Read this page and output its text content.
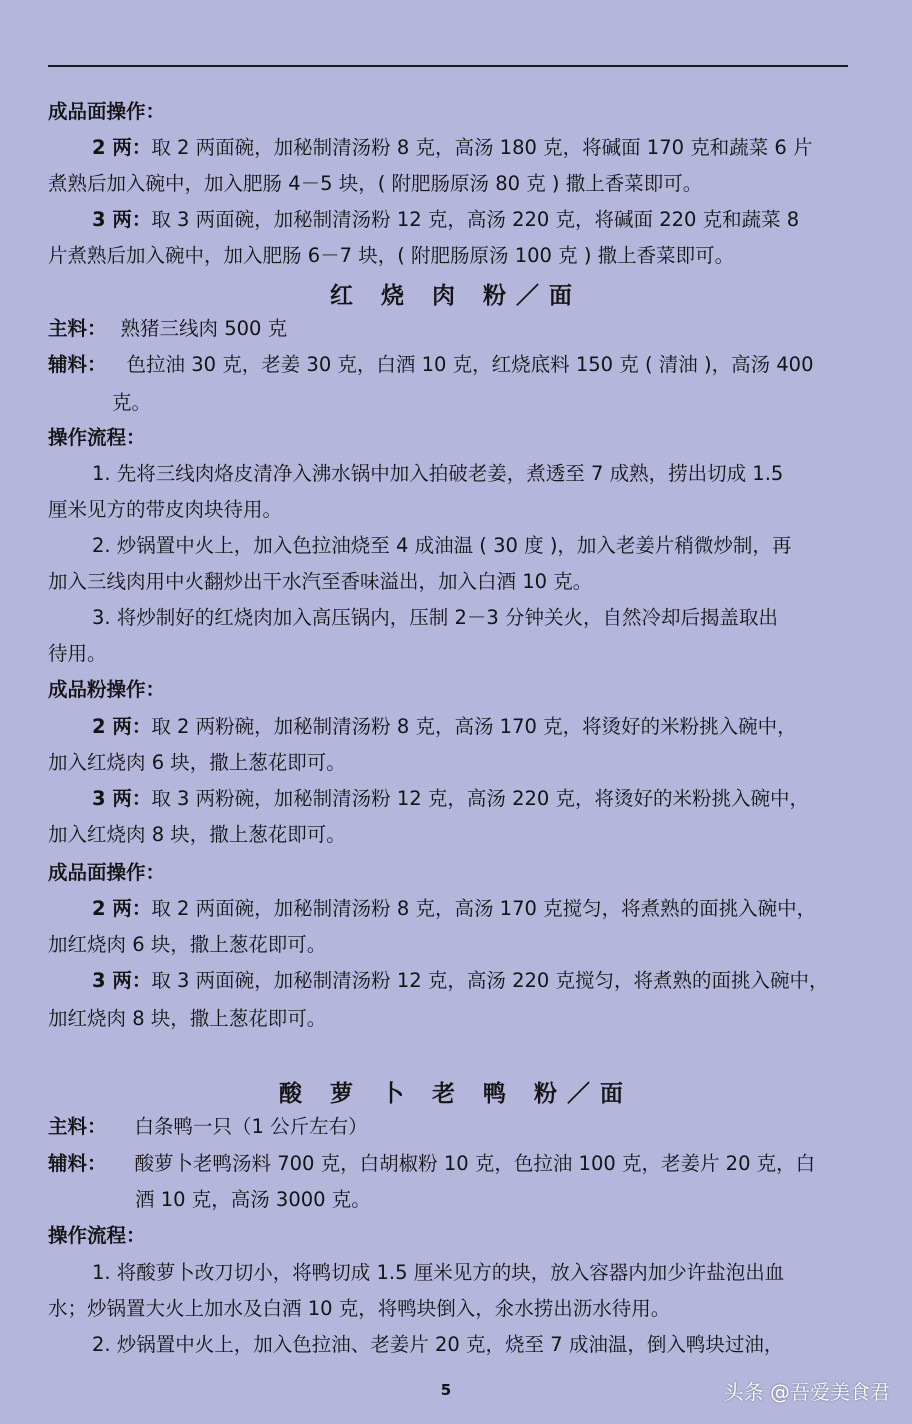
成品面操作：
2 两：取 2 两面碗，加秘制清汤粉 8 克，高汤 180 克，将碱面 170 克和蔬菜 6 片
煮熟后加入碗中，加入肥肠 4－5 块，( 附肥肠原汤 80 克 ) 撒上香菜即可。
3 两：取 3 两面碗，加秘制清汤粉 12 克，高汤 220 克，将碱面 220 克和蔬菜 8
片煮熟后加入碗中，加入肥肠 6－7 块，( 附肥肠原汤 100 克 ) 撒上香菜即可。
红 烧 肉 粉／面
主料： 熟猪三线肉 500 克
辅料： 色拉油 30 克，老姜 30 克，白酒 10 克，红烧底料 150 克 ( 清油 )，高汤 400
克。
操作流程：
1. 先将三线肉烙皮清净入沸水锅中加入拍破老姜，煮透至 7 成熟，捞出切成 1.5
厘米见方的带皮肉块待用。
2. 炒锅置中火上，加入色拉油烧至 4 成油温 ( 30 度 )，加入老姜片稍微炒制，再
加入三线肉用中火翻炒出干水汽至香味溢出，加入白酒 10 克。
3. 将炒制好的红烧肉加入高压锅内，压制 2－3 分钟关火，自然冷却后揭盖取出
待用。
成品粉操作：
2 两：取 2 两粉碗，加秘制清汤粉 8 克，高汤 170 克，将烫好的米粉挑入碗中，
加入红烧肉 6 块，撒上葱花即可。
3 两：取 3 两粉碗，加秘制清汤粉 12 克，高汤 220 克，将烫好的米粉挑入碗中，
加入红烧肉 8 块，撒上葱花即可。
成品面操作：
2 两：取 2 两面碗，加秘制清汤粉 8 克，高汤 170 克搅匀，将煮熟的面挑入碗中，
加红烧肉 6 块，撒上葱花即可。
3 两：取 3 两面碗，加秘制清汤粉 12 克，高汤 220 克搅匀，将煮熟的面挑入碗中，
加红烧肉 8 块，撒上葱花即可。
酸 萝 卜 老 鸭 粉／面
主料： 白条鸭一只（1 公斤左右）
辅料： 酸萝卜老鸭汤料 700 克，白胡椒粉 10 克，色拉油 100 克，老姜片 20 克，白
酒 10 克，高汤 3000 克。
操作流程：
1. 将酸萝卜改刀切小，将鸭切成 1.5 厘米见方的块，放入容器内加少许盐泡出血
水；炒锅置大火上加水及白酒 10 克，将鸭块倒入，氽水捞出沥水待用。
2. 炒锅置中火上，加入色拉油、老姜片 20 克，烧至 7 成油温，倒入鸭块过油，
5	头条 @吾爱美食君
